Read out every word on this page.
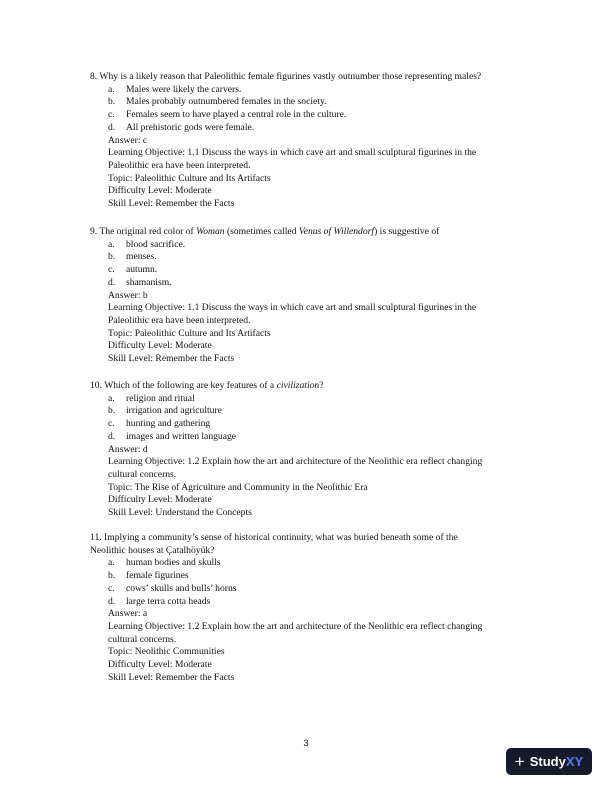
8. Why is a likely reason that Paleolithic female figurines vastly outnumber those representing males?
a. Males were likely the carvers.
b. Males probably outnumbered females in the society.
c. Females seem to have played a central role in the culture.
d. All prehistoric gods were female.
Answer: c
Learning Objective: 1.1 Discuss the ways in which cave art and small sculptural figurines in the
Paleolithic era have been interpreted.
Topic: Paleolithic Culture and Its Artifacts
Difficulty Level: Moderate
Skill Level: Remember the Facts
9. The original red color of Woman (sometimes called Venus of Willendorf) is suggestive of
a. blood sacrifice.
b. menses.
c. autumn.
d. shamanism.
Answer: b
Learning Objective: 1.1 Discuss the ways in which cave art and small sculptural figurines in the
Paleolithic era have been interpreted.
Topic: Paleolithic Culture and Its Artifacts
Difficulty Level: Moderate
Skill Level: Remember the Facts
10. Which of the following are key features of a civilization?
a. religion and ritual
b. irrigation and agriculture
c. hunting and gathering
d. images and written language
Answer: d
Learning Objective: 1.2 Explain how the art and architecture of the Neolithic era reflect changing
cultural concerns.
Topic: The Rise of Agriculture and Community in the Neolithic Era
Difficulty Level: Moderate
Skill Level: Understand the Concepts
11. Implying a community’s sense of historical continuity, what was buried beneath some of the
Neolithic houses at Çatalhöyük?
a. human bodies and skulls
b. female figurines
c. cows’ skulls and bulls’ horns
d. large terra cotta heads
Answer: a
Learning Objective: 1.2 Explain how the art and architecture of the Neolithic era reflect changing
cultural concerns.
Topic: Neolithic Communities
Difficulty Level: Moderate
Skill Level: Remember the Facts
3
+ Study XY
